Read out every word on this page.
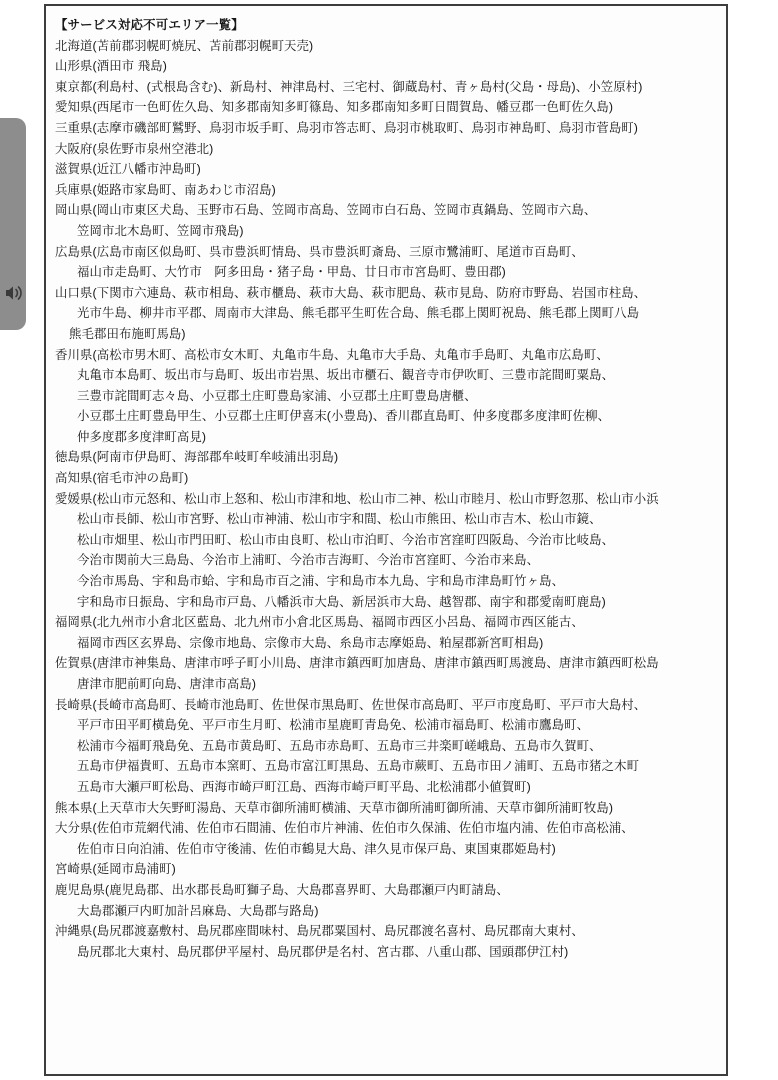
【サービス対応不可エリア一覧】
北海道(苫前郡羽幌町焼尻、苫前郡羽幌町天売)
山形県(酒田市 飛島)
東京都(利島村、(式根島含む)、新島村、神津島村、三宅村、御蔵島村、青ヶ島村(父島・母島)、小笠原村)
愛知県(西尾市一色町佐久島、知多郡南知多町篠島、知多郡南知多町日間賀島、幡豆郡一色町佐久島)
三重県(志摩市磯部町鷲野、鳥羽市坂手町、鳥羽市答志町、鳥羽市桃取町、鳥羽市神島町、鳥羽市菅島町)
大阪府(泉佐野市泉州空港北)
滋賀県(近江八幡市沖島町)
兵庫県(姫路市家島町、南あわじ市沼島)
岡山県(岡山市東区犬島、玉野市石島、笠岡市高島、笠岡市白石島、笠岡市真鍋島、笠岡市六島、
笠岡市北木島町、笠岡市飛島)
広島県(広島市南区似島町、呉市豊浜町情島、呉市豊浜町斎島、三原市鷺浦町、尾道市百島町、
福山市走島町、大竹市　阿多田島・猪子島・甲島、廿日市市宮島町、豊田郡)
山口県(下関市六連島、萩市相島、萩市櫃島、萩市大島、萩市肥島、萩市見島、防府市野島、岩国市柱島、
光市牛島、柳井市平郡、周南市大津島、熊毛郡平生町佐合島、熊毛郡上関町祝島、熊毛郡上関町八島
熊毛郡田布施町馬島)
香川県(高松市男木町、高松市女木町、丸亀市牛島、丸亀市大手島、丸亀市手島町、丸亀市広島町、
丸亀市本島町、坂出市与島町、坂出市岩黒、坂出市櫃石、観音寺市伊吹町、三豊市詫間町粟島、
三豊市詫間町志々島、小豆郡土庄町豊島家浦、小豆郡土庄町豊島唐櫃、
小豆郡土庄町豊島甲生、小豆郡土庄町伊喜末(小豊島)、香川郡直島町、仲多度郡多度津町佐柳、
仲多度郡多度津町高見)
徳島県(阿南市伊島町、海部郡牟岐町牟岐浦出羽島)
高知県(宿毛市沖の島町)
愛媛県(松山市元怒和、松山市上怒和、松山市津和地、松山市二神、松山市睦月、松山市野忽那、松山市小浜
松山市長師、松山市宮野、松山市神浦、松山市宇和間、松山市熊田、松山市吉木、松山市鏡、
松山市畑里、松山市門田町、松山市由良町、松山市泊町、今治市宮窪町四阪島、今治市比岐島、
今治市関前大三島島、今治市上浦町、今治市吉海町、今治市宮窪町、今治市来島、
今治市馬島、宇和島市蛤、宇和島市百之浦、宇和島市本九島、宇和島市津島町竹ヶ島、
宇和島市日振島、宇和島市戸島、八幡浜市大島、新居浜市大島、越智郡、南宇和郡愛南町鹿島)
福岡県(北九州市小倉北区藍島、北九州市小倉北区馬島、福岡市西区小呂島、福岡市西区能古、
福岡市西区玄界島、宗像市地島、宗像市大島、糸島市志摩姫島、粕屋郡新宮町相島)
佐賀県(唐津市神集島、唐津市呼子町小川島、唐津市鎮西町加唐島、唐津市鎮西町馬渡島、唐津市鎮西町松島
唐津市肥前町向島、唐津市高島)
長崎県(長崎市高島町、長崎市池島町、佐世保市黒島町、佐世保市高島町、平戸市度島町、平戸市大島村、
平戸市田平町横島免、平戸市生月町、松浦市星鹿町青島免、松浦市福島町、松浦市鷹島町、
松浦市今福町飛島免、五島市黄島町、五島市赤島町、五島市三井楽町嵯峨島、五島市久賀町、
五島市伊福貴町、五島市本窯町、五島市富江町黒島、五島市蕨町、五島市田ノ浦町、五島市猪之木町
五島市大瀬戸町松島、西海市崎戸町江島、西海市崎戸町平島、北松浦郡小値賀町)
熊本県(上天草市大矢野町湯島、天草市御所浦町横浦、天草市御所浦町御所浦、天草市御所浦町牧島)
大分県(佐伯市荒網代浦、佐伯市石間浦、佐伯市片神浦、佐伯市久保浦、佐伯市塩内浦、佐伯市高松浦、
佐伯市日向泊浦、佐伯市守後浦、佐伯市鶴見大島、津久見市保戸島、東国東郡姫島村)
宮崎県(延岡市島浦町)
鹿児島県(鹿児島郡、出水郡長島町獅子島、大島郡喜界町、大島郡瀬戸内町請島、
大島郡瀬戸内町加計呂麻島、大島郡与路島)
沖縄県(島尻郡渡嘉敷村、島尻郡座間味村、島尻郡粟国村、島尻郡渡名喜村、島尻郡南大東村、
島尻郡北大東村、島尻郡伊平屋村、島尻郡伊是名村、宮古郡、八重山郡、国頭郡伊江村)
